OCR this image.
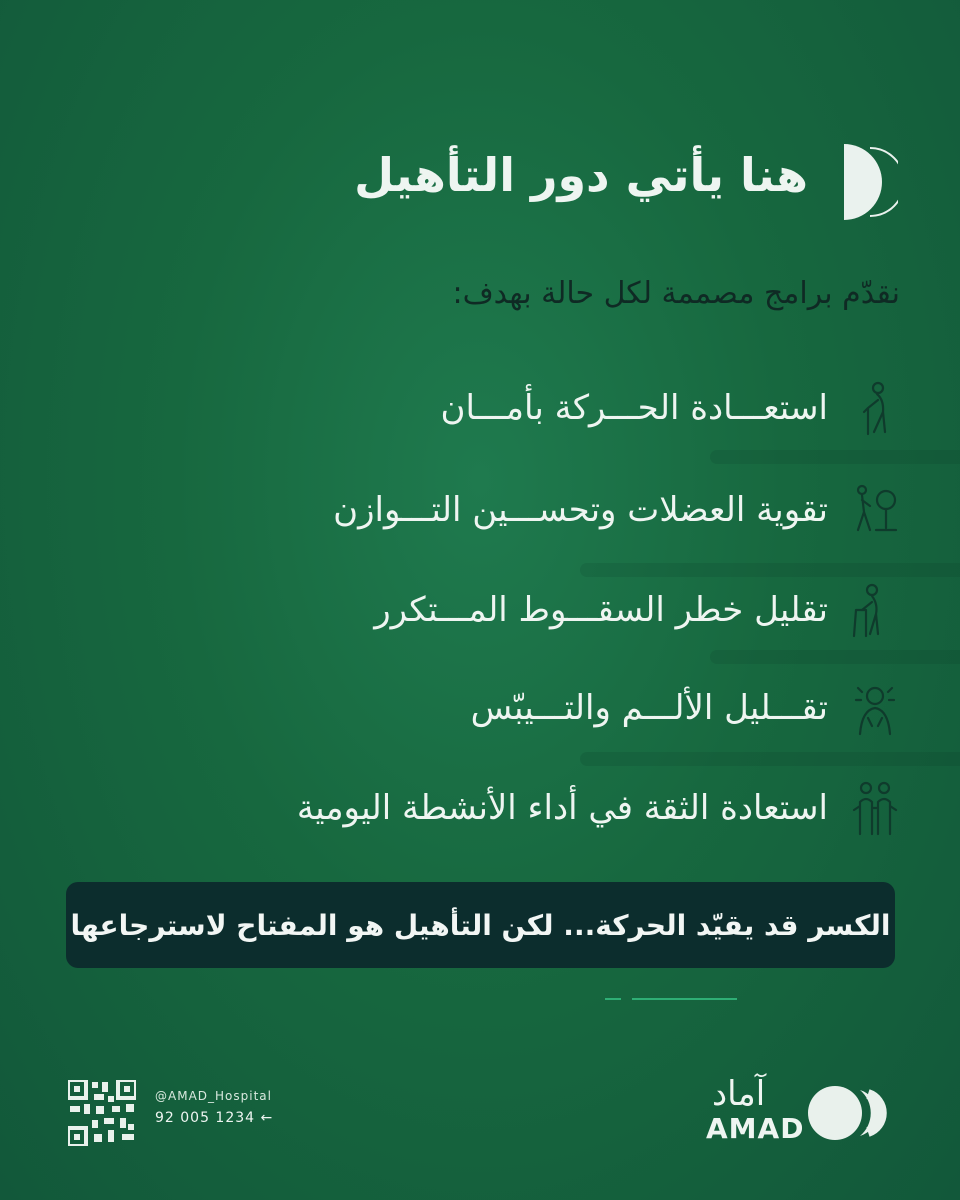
هنا يأتي دور التأهيل
نقدّم برامج مصممة لكل حالة بهدف:
استعـــادة الحـــركة بأمـــان
تقوية العضلات وتحســـين التـــوازن
تقليل خطر السقـــوط المـــتكرر
تقـــليل الألـــم والتـــيبّس
استعادة الثقة في أداء الأنشطة اليومية
الكسر قد يقيّد الحركة... لكن التأهيل هو المفتاح لاسترجاعها
@AMAD_Hospital
92 005 1234 ←
آماد
AMAD
